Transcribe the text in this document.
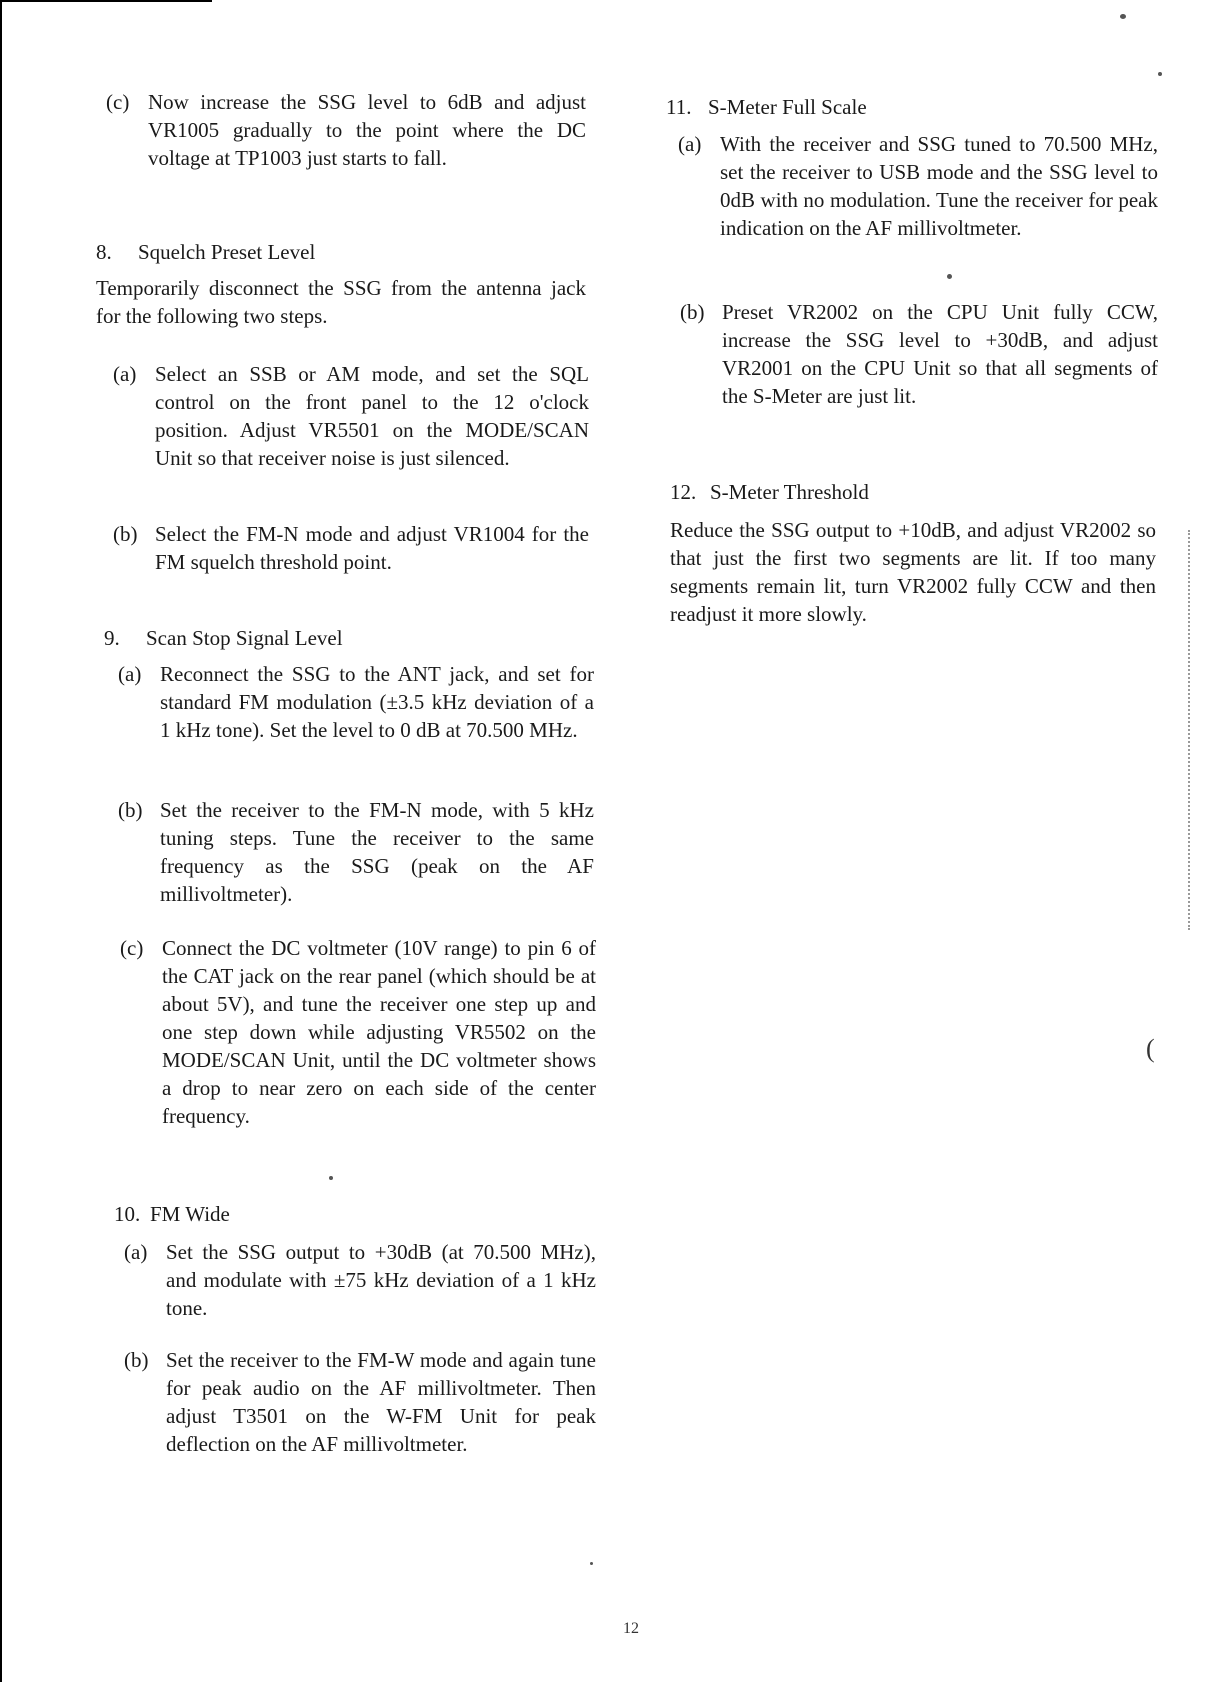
(c) Now increase the SSG level to 6dB and adjust VR1005 gradually to the point where the DC voltage at TP1003 just starts to fall.
8. Squelch Preset Level
Temporarily disconnect the SSG from the antenna jack for the following two steps.
(a) Select an SSB or AM mode, and set the SQL control on the front panel to the 12 o'clock position. Adjust VR5501 on the MODE/SCAN Unit so that receiver noise is just silenced.
(b) Select the FM-N mode and adjust VR1004 for the FM squelch threshold point.
9. Scan Stop Signal Level
(a) Reconnect the SSG to the ANT jack, and set for standard FM modulation (±3.5 kHz deviation of a 1 kHz tone). Set the level to 0 dB at 70.500 MHz.
(b) Set the receiver to the FM-N mode, with 5 kHz tuning steps. Tune the receiver to the same frequency as the SSG (peak on the AF millivoltmeter).
(c) Connect the DC voltmeter (10V range) to pin 6 of the CAT jack on the rear panel (which should be at about 5V), and tune the receiver one step up and one step down while adjusting VR5502 on the MODE/SCAN Unit, until the DC voltmeter shows a drop to near zero on each side of the center frequency.
10. FM Wide
(a) Set the SSG output to +30dB (at 70.500 MHz), and modulate with ±75 kHz deviation of a 1 kHz tone.
(b) Set the receiver to the FM-W mode and again tune for peak audio on the AF millivoltmeter. Then adjust T3501 on the W-FM Unit for peak deflection on the AF millivoltmeter.
11. S-Meter Full Scale
(a) With the receiver and SSG tuned to 70.500 MHz, set the receiver to USB mode and the SSG level to 0dB with no modulation. Tune the receiver for peak indication on the AF millivoltmeter.
(b) Preset VR2002 on the CPU Unit fully CCW, increase the SSG level to +30dB, and adjust VR2001 on the CPU Unit so that all segments of the S-Meter are just lit.
12. S-Meter Threshold
Reduce the SSG output to +10dB, and adjust VR2002 so that just the first two segments are lit. If too many segments remain lit, turn VR2002 fully CCW and then readjust it more slowly.
(
12
